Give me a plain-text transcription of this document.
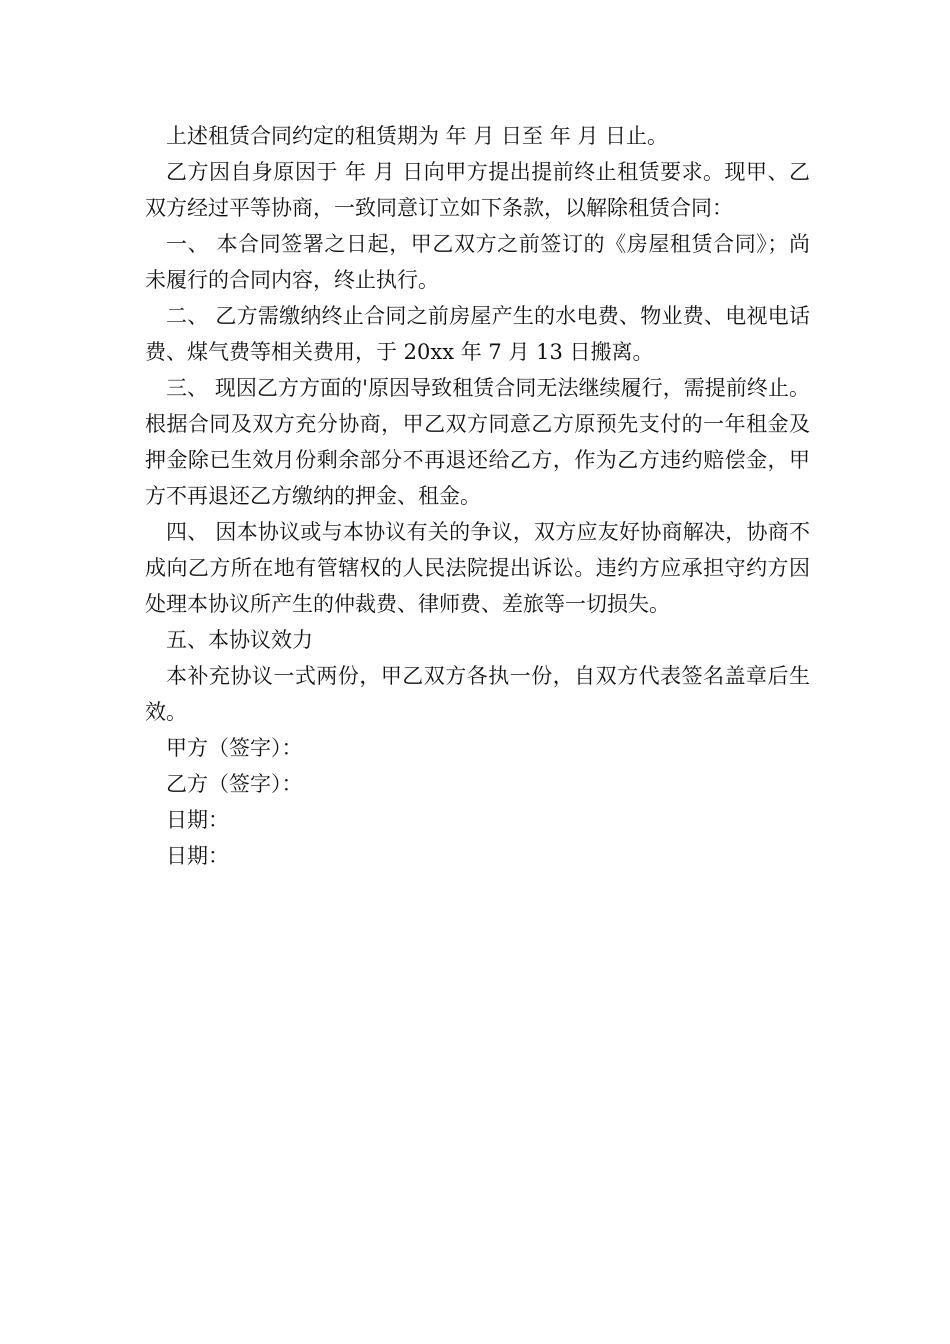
上述租赁合同约定的租赁期为 年 月 日至 年 月 日止。

乙方因自身原因于 年 月 日向甲方提出提前终止租赁要求。现甲、乙双方经过平等协商，一致同意订立如下条款，以解除租赁合同：

一、 本合同签署之日起，甲乙双方之前签订的《房屋租赁合同》；尚未履行的合同内容，终止执行。

二、 乙方需缴纳终止合同之前房屋产生的水电费、物业费、电视电话费、煤气费等相关费用，于 20xx 年 7 月 13 日搬离。

三、 现因乙方方面的'原因导致租赁合同无法继续履行，需提前终止。根据合同及双方充分协商，甲乙双方同意乙方原预先支付的一年租金及押金除已生效月份剩余部分不再退还给乙方，作为乙方违约赔偿金，甲方不再退还乙方缴纳的押金、租金。

四、 因本协议或与本协议有关的争议，双方应友好协商解决，协商不成向乙方所在地有管辖权的人民法院提出诉讼。违约方应承担守约方因处理本协议所产生的仲裁费、律师费、差旅等一切损失。

五、本协议效力

本补充协议一式两份，甲乙双方各执一份，自双方代表签名盖章后生效。

甲方（签字）：

乙方（签字）：

日期：

日期：
